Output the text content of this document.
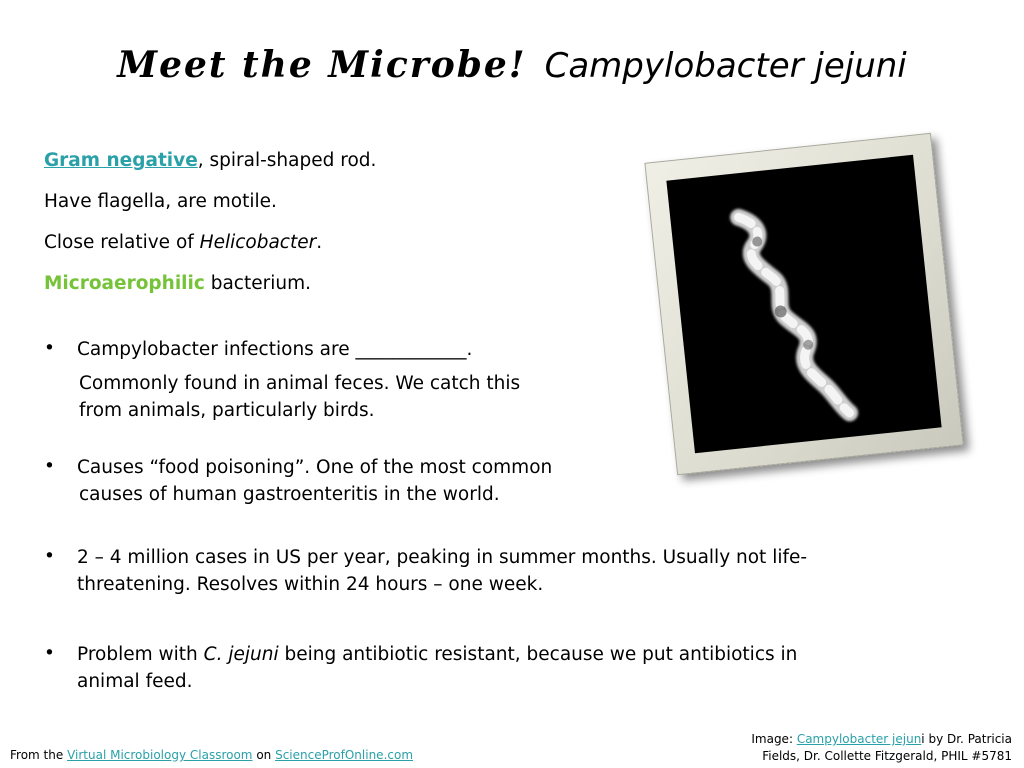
Meet the Microbe! Campylobacter jejuni
Gram negative, spiral-shaped rod.
Have flagella, are motile.
Close relative of Helicobacter.
Microaerophilic bacterium.
• Campylobacter infections are ____________.
Commonly found in animal feces. We catch this
from animals, particularly birds.
• Causes “food poisoning”. One of the most common
causes of human gastroenteritis in the world.
• 2 – 4 million cases in US per year, peaking in summer months. Usually not life-
threatening. Resolves within 24 hours – one week.
• Problem with C. jejuni being antibiotic resistant, because we put antibiotics in
animal feed.
Image: Campylobacter jejuni by Dr. Patricia
Fields, Dr. Collette Fitzgerald, PHIL #5781
From the Virtual Microbiology Classroom on ScienceProfOnline.com
